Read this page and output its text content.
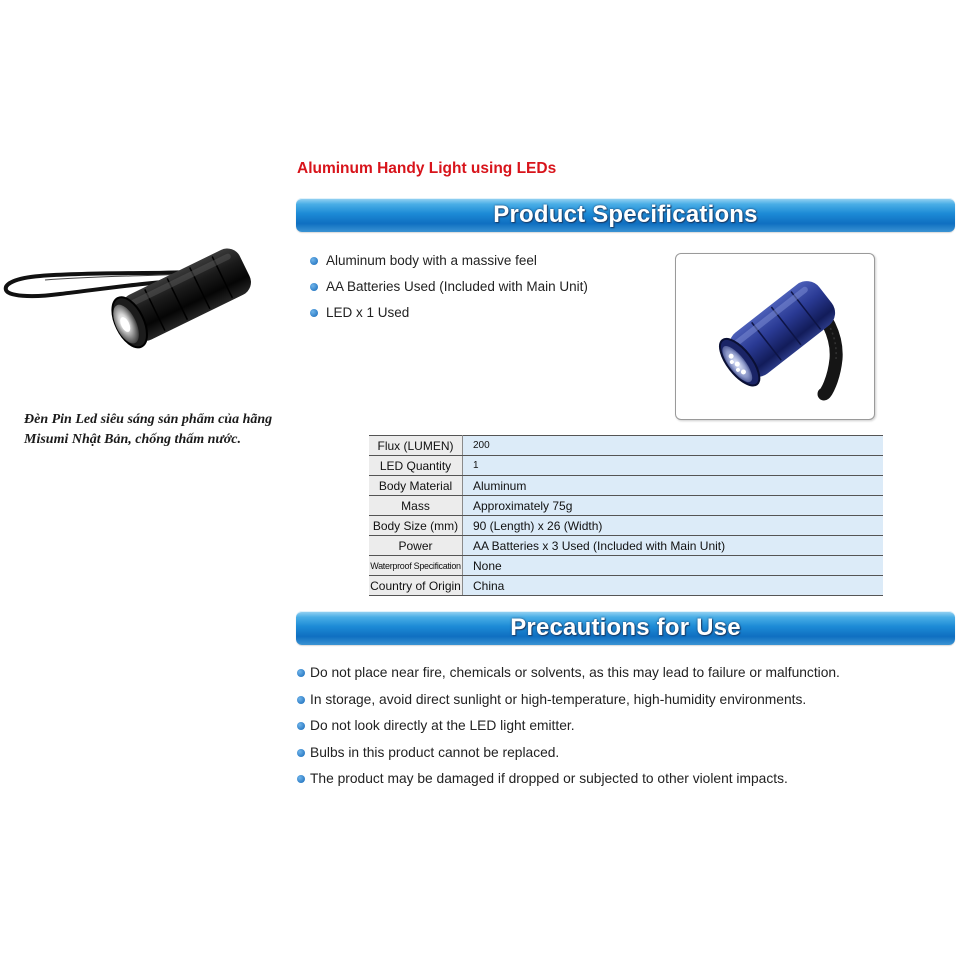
Đèn Pin Led siêu sáng sản phẩm của hãng
Misumi Nhật Bản, chống thấm nước.
Aluminum Handy Light using LEDs
Product Specifications
Aluminum body with a massive feel
AA Batteries Used (Included with Main Unit)
LED x 1 Used
Flux (LUMEN)	200
LED Quantity	1
Body Material	Aluminum
Mass	Approximately 75g
Body Size (mm)	90 (Length) x 26 (Width)
Power	AA Batteries x 3 Used (Included with Main Unit)
Waterproof Specification	None
Country of Origin	China
Precautions for Use
Do not place near fire, chemicals or solvents, as this may lead to failure or malfunction.
In storage, avoid direct sunlight or high-temperature, high-humidity environments.
Do not look directly at the LED light emitter.
Bulbs in this product cannot be replaced.
The product may be damaged if dropped or subjected to other violent impacts.
